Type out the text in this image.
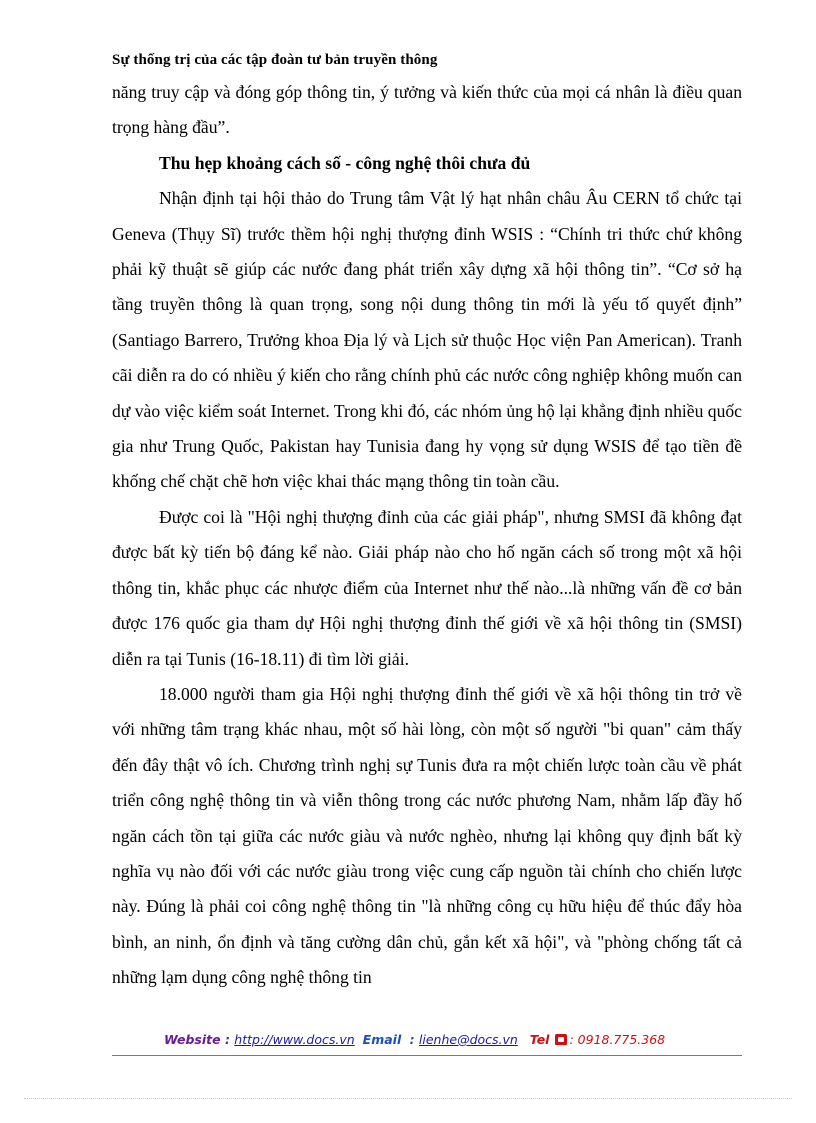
Sự thống trị của các tập đoàn tư bản truyền thông

năng truy cập và đóng góp thông tin, ý tưởng và kiến thức của mọi cá nhân là điều quan trọng hàng đầu”.

Thu hẹp khoảng cách số - công nghệ thôi chưa đủ

Nhận định tại hội thảo do Trung tâm Vật lý hạt nhân châu Âu CERN tổ chức tại Geneva (Thụy Sĩ) trước thềm hội nghị thượng đỉnh WSIS : “Chính tri thức chứ không phải kỹ thuật sẽ giúp các nước đang phát triển xây dựng xã hội thông tin”. “Cơ sở hạ tầng truyền thông là quan trọng, song nội dung thông tin mới là yếu tố quyết định” (Santiago Barrero, Trưởng khoa Địa lý và Lịch sử thuộc Học viện Pan American). Tranh cãi diễn ra do có nhiều ý kiến cho rằng chính phủ các nước công nghiệp không muốn can dự vào việc kiểm soát Internet. Trong khi đó, các nhóm ủng hộ lại khẳng định nhiều quốc gia như Trung Quốc, Pakistan hay Tunisia đang hy vọng sử dụng WSIS để tạo tiền đề khống chế chặt chẽ hơn việc khai thác mạng thông tin toàn cầu.

Được coi là "Hội nghị thượng đỉnh của các giải pháp", nhưng SMSI đã không đạt được bất kỳ tiến bộ đáng kể nào. Giải pháp nào cho hố ngăn cách số trong một xã hội thông tin, khắc phục các nhược điểm của Internet như thế nào...là những vấn đề cơ bản được 176 quốc gia tham dự Hội nghị thượng đỉnh thế giới về xã hội thông tin (SMSI) diễn ra tại Tunis (16-18.11) đi tìm lời giải.

18.000 người tham gia Hội nghị thượng đỉnh thế giới về xã hội thông tin trở về với những tâm trạng khác nhau, một số hài lòng, còn một số người "bi quan" cảm thấy đến đây thật vô ích. Chương trình nghị sự Tunis đưa ra một chiến lược toàn cầu về phát triển công nghệ thông tin và viễn thông trong các nước phương Nam, nhằm lấp đầy hố ngăn cách tồn tại giữa các nước giàu và nước nghèo, nhưng lại không quy định bất kỳ nghĩa vụ nào đối với các nước giàu trong việc cung cấp nguồn tài chính cho chiến lược này. Đúng là phải coi công nghệ thông tin "là những công cụ hữu hiệu để thúc đẩy hòa bình, an ninh, ổn định và tăng cường dân chủ, gắn kết xã hội", và "phòng chống tất cả những lạm dụng công nghệ thông tin

Website : http://www.docs.vn Email  : lienhe@docs.vn Tel : 0918.775.368
